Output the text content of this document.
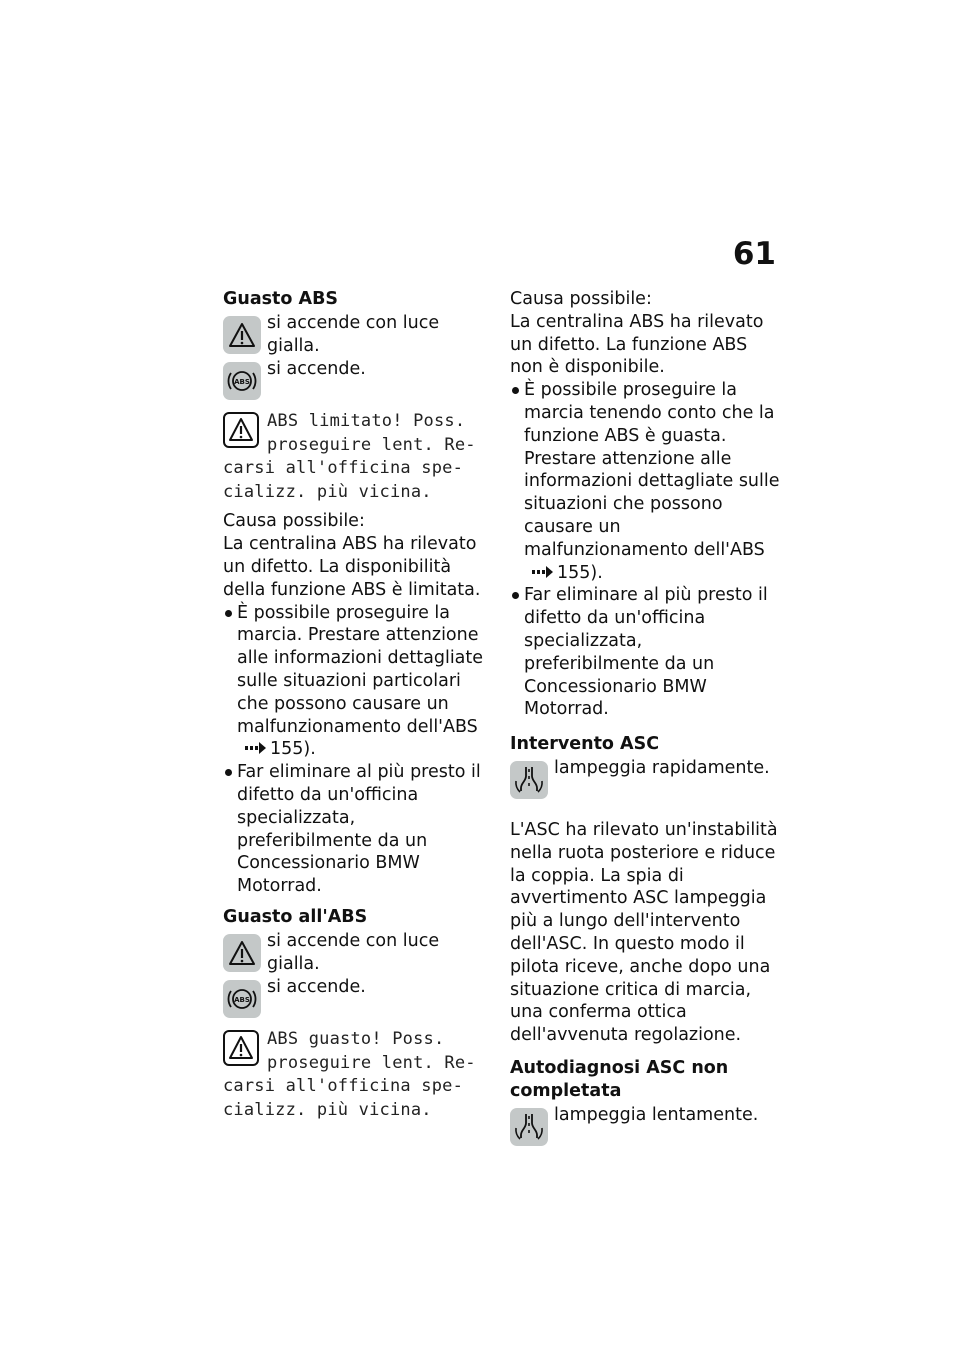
61
Guasto ABS
si accende con luce gialla.
ABS
si accende.
ABS limitato! Poss.
proseguire lent. Re-
carsi all'officina spe-
cializz. più vicina.
Causa possibile:
La centralina ABS ha rilevato un difetto. La disponibilità della funzione ABS è limitata.
È possibile proseguire la marcia. Prestare attenzione alle informazioni dettagliate sulle situazioni particolari che possono causare un malfunzionamento dell'ABS155).
Far eliminare al più presto il difetto da un'officina specializzata, preferibilmente da un Concessionario BMW Motorrad.
Guasto all'ABS
si accende con luce gialla.
ABS
si accende.
ABS guasto! Poss.
proseguire lent. Re-
carsi all'officina spe-
cializz. più vicina.
Causa possibile:
La centralina ABS ha rilevato un difetto. La funzione ABS non è disponibile.
È possibile proseguire la marcia tenendo conto che la funzione ABS è guasta. Prestare attenzione alle informazioni dettagliate sulle situazioni che possono causare un malfunzionamento dell'ABS155).
Far eliminare al più presto il difetto da un'officina specializzata, preferibilmente da un Concessionario BMW Motorrad.
Intervento ASC
lampeggia rapidamente.
L'ASC ha rilevato un'instabilità nella ruota posteriore e riduce la coppia. La spia di avvertimento ASC lampeggia più a lungo dell'intervento dell'ASC. In questo modo il pilota riceve, anche dopo una situazione critica di marcia, una conferma ottica dell'avvenuta regolazione.
Autodiagnosi ASC non completata
lampeggia lentamente.
